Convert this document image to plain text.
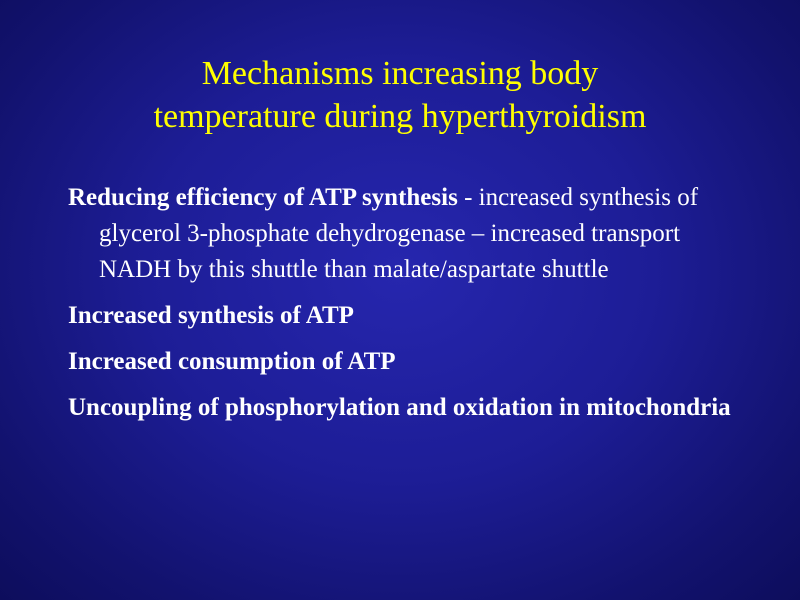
Mechanisms increasing body
temperature during hyperthyroidism
Reducing efficiency of ATP synthesis - increased synthesis of glycerol 3-phosphate dehydrogenase – increased transport NADH by this shuttle than malate/aspartate shuttle
Increased synthesis of ATP
Increased consumption of ATP
Uncoupling of phosphorylation and oxidation in mitochondria
